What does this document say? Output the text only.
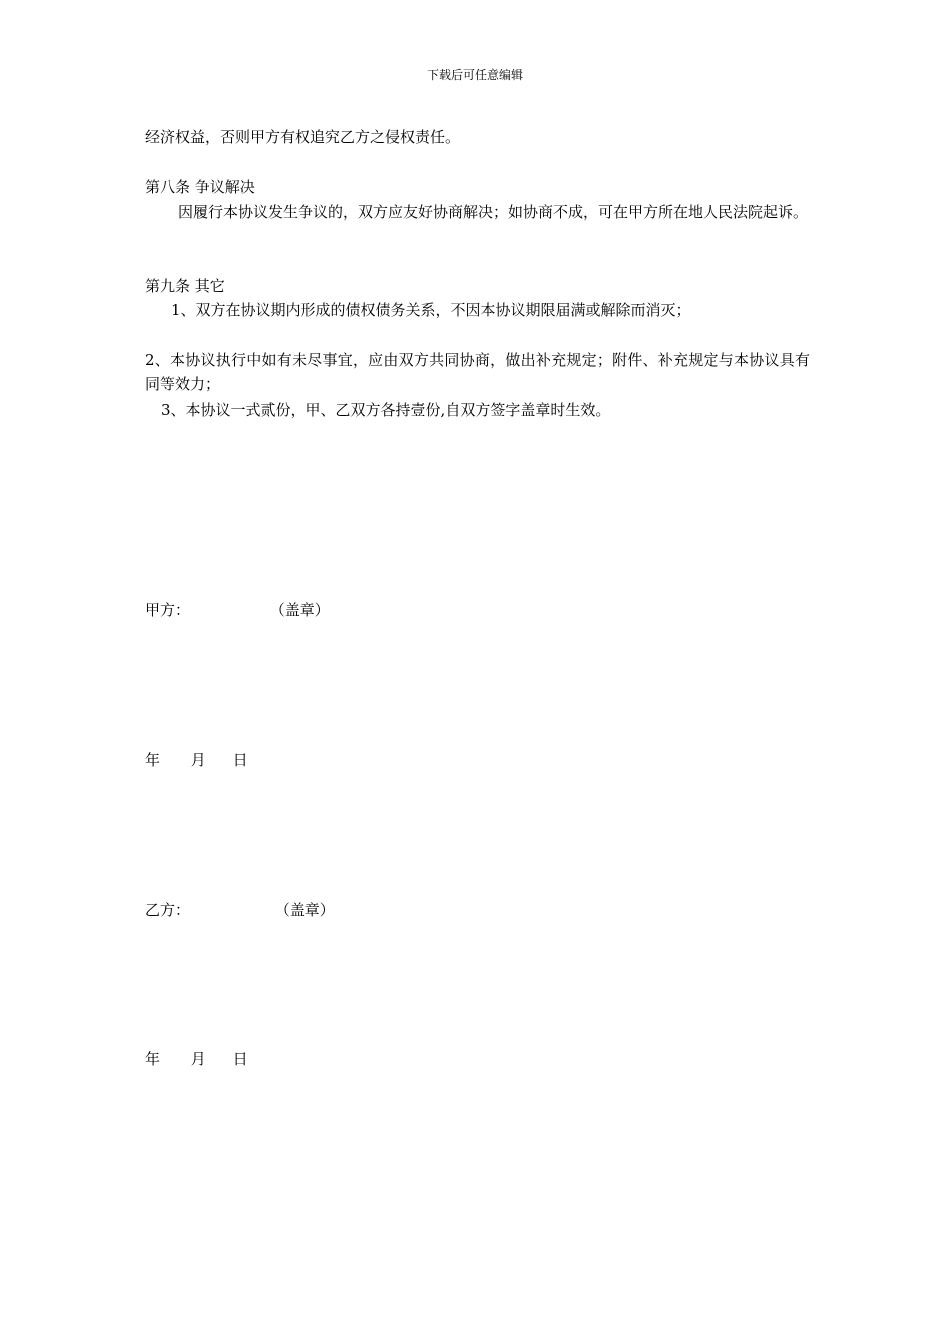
下载后可任意编辑
经济权益，否则甲方有权追究乙方之侵权责任。
第八条 争议解决
因履行本协议发生争议的，双方应友好协商解决；如协商不成，可在甲方所在地人民法院起诉。
第九条 其它
1、双方在协议期内形成的债权债务关系，不因本协议期限届满或解除而消灭；
2、本协议执行中如有未尽事宜，应由双方共同协商，做出补充规定；附件、补充规定与本协议具有同等效力；
3、本协议一式贰份，甲、乙双方各持壹份,自双方签字盖章时生效。
甲方：	（盖章）
年 月 日
乙方：	（盖章）
年 月 日
